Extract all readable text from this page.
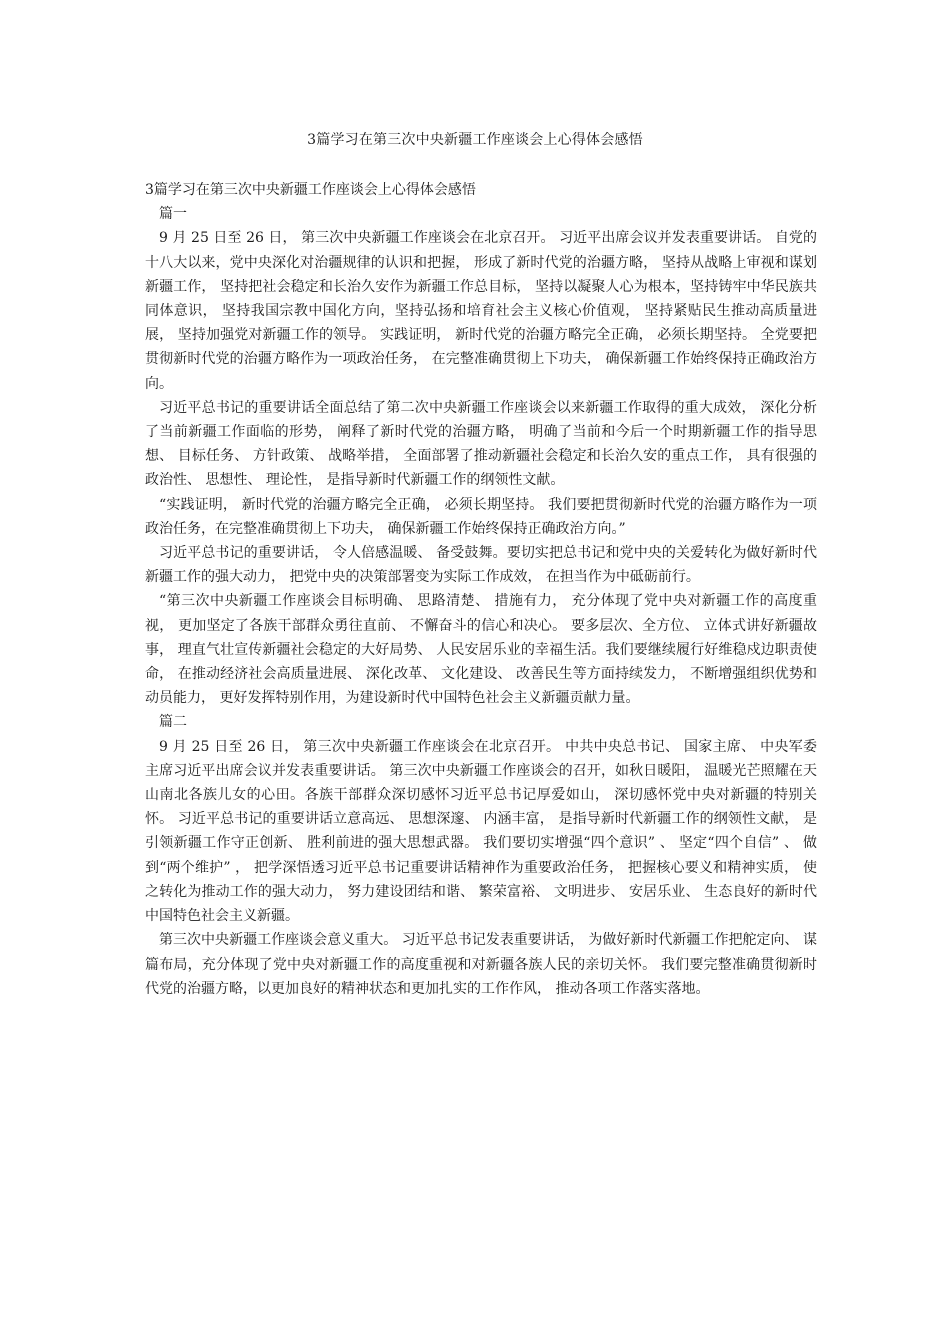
3篇学习在第三次中央新疆工作座谈会上心得体会感悟

3篇学习在第三次中央新疆工作座谈会上心得体会感悟

篇一

9 月 25 日至 26 日， 第三次中央新疆工作座谈会在北京召开。 习近平出席会议并发表重要讲话。 自党的十八大以来，党中央深化对治疆规律的认识和把握， 形成了新时代党的治疆方略， 坚持从战略上审视和谋划新疆工作， 坚持把社会稳定和长治久安作为新疆工作总目标， 坚持以凝聚人心为根本，坚持铸牢中华民族共同体意识， 坚持我国宗教中国化方向，坚持弘扬和培育社会主义核心价值观， 坚持紧贴民生推动高质量进展， 坚持加强党对新疆工作的领导。 实践证明， 新时代党的治疆方略完全正确， 必须长期坚持。 全党要把贯彻新时代党的治疆方略作为一项政治任务， 在完整准确贯彻上下功夫， 确保新疆工作始终保持正确政治方向。

习近平总书记的重要讲话全面总结了第二次中央新疆工作座谈会以来新疆工作取得的重大成效， 深化分析了当前新疆工作面临的形势， 阐释了新时代党的治疆方略， 明确了当前和今后一个时期新疆工作的指导思想、 目标任务、 方针政策、 战略举措， 全面部署了推动新疆社会稳定和长治久安的重点工作， 具有很强的政治性、 思想性、 理论性， 是指导新时代新疆工作的纲领性文献。

“实践证明， 新时代党的治疆方略完全正确， 必须长期坚持。 我们要把贯彻新时代党的治疆方略作为一项政治任务，在完整准确贯彻上下功夫， 确保新疆工作始终保持正确政治方向。”

习近平总书记的重要讲话， 令人倍感温暖、 备受鼓舞。要切实把总书记和党中央的关爱转化为做好新时代新疆工作的强大动力， 把党中央的决策部署变为实际工作成效， 在担当作为中砥砺前行。

“第三次中央新疆工作座谈会目标明确、 思路清楚、 措施有力， 充分体现了党中央对新疆工作的高度重视， 更加坚定了各族干部群众勇往直前、 不懈奋斗的信心和决心。 要多层次、全方位、 立体式讲好新疆故事， 理直气壮宣传新疆社会稳定的大好局势、 人民安居乐业的幸福生活。我们要继续履行好维稳戍边职责使命， 在推动经济社会高质量进展、 深化改革、 文化建设、 改善民生等方面持续发力， 不断增强组织优势和动员能力， 更好发挥特别作用，为建设新时代中国特色社会主义新疆贡献力量。

篇二

9 月 25 日至 26 日， 第三次中央新疆工作座谈会在北京召开。 中共中央总书记、 国家主席、 中央军委主席习近平出席会议并发表重要讲话。 第三次中央新疆工作座谈会的召开，如秋日暖阳， 温暖光芒照耀在天山南北各族儿女的心田。各族干部群众深切感怀习近平总书记厚爱如山， 深切感怀党中央对新疆的特别关怀。 习近平总书记的重要讲话立意高远、 思想深邃、 内涵丰富， 是指导新时代新疆工作的纲领性文献， 是引领新疆工作守正创新、 胜利前进的强大思想武器。 我们要切实增强“四个意识” 、 坚定“四个自信” 、 做到“两个维护” ， 把学深悟透习近平总书记重要讲话精神作为重要政治任务， 把握核心要义和精神实质， 使之转化为推动工作的强大动力， 努力建设团结和谐、 繁荣富裕、 文明进步、 安居乐业、 生态良好的新时代中国特色社会主义新疆。

第三次中央新疆工作座谈会意义重大。 习近平总书记发表重要讲话， 为做好新时代新疆工作把舵定向、 谋篇布局，充分体现了党中央对新疆工作的高度重视和对新疆各族人民的亲切关怀。 我们要完整准确贯彻新时代党的治疆方略，以更加良好的精神状态和更加扎实的工作作风， 推动各项工作落实落地。
